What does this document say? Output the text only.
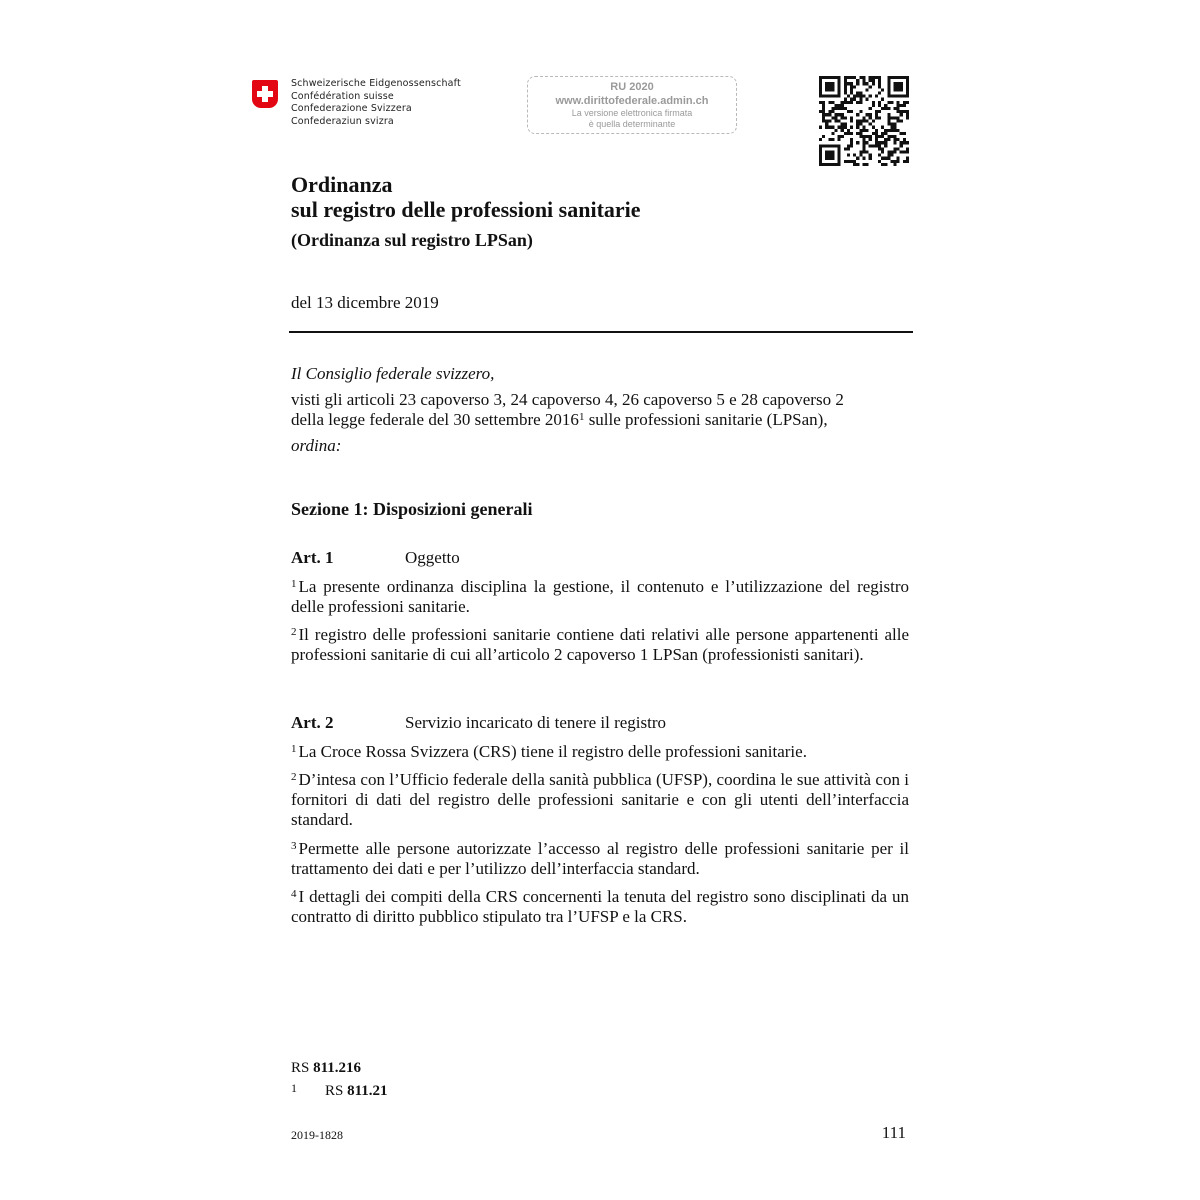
Schweizerische Eidgenossenschaft
Confédération suisse
Confederazione Svizzera
Confederaziun svizra
RU 2020
www.dirittofederale.admin.ch
La versione elettronica firmata
è quella determinante
Ordinanza
sul registro delle professioni sanitarie
(Ordinanza sul registro LPSan)
del 13 dicembre 2019
Il Consiglio federale svizzero,
visti gli articoli 23 capoverso 3, 24 capoverso 4, 26 capoverso 5 e 28 capoverso 2
della legge federale del 30 settembre 2016$^1$ sulle professioni sanitarie (LPSan),
ordina:
Sezione 1: Disposizioni generali
Art. 1	Oggetto
$^1$ La presente ordinanza disciplina la gestione, il contenuto e l’utilizzazione del registro delle professioni sanitarie.
$^2$ Il registro delle professioni sanitarie contiene dati relativi alle persone appartenenti alle professioni sanitarie di cui all’articolo 2 capoverso 1 LPSan (professionisti sanitari).
Art. 2	Servizio incaricato di tenere il registro
$^1$ La Croce Rossa Svizzera (CRS) tiene il registro delle professioni sanitarie.
$^2$ D’intesa con l’Ufficio federale della sanità pubblica (UFSP), coordina le sue attività con i fornitori di dati del registro delle professioni sanitarie e con gli utenti dell’interfaccia standard.
$^3$ Permette alle persone autorizzate l’accesso al registro delle professioni sanitarie per il trattamento dei dati e per l’utilizzo dell’interfaccia standard.
$^4$ I dettagli dei compiti della CRS concernenti la tenuta del registro sono disciplinati da un contratto di diritto pubblico stipulato tra l’UFSP e la CRS.
RS 811.216
1 RS 811.21
2019-1828	111
